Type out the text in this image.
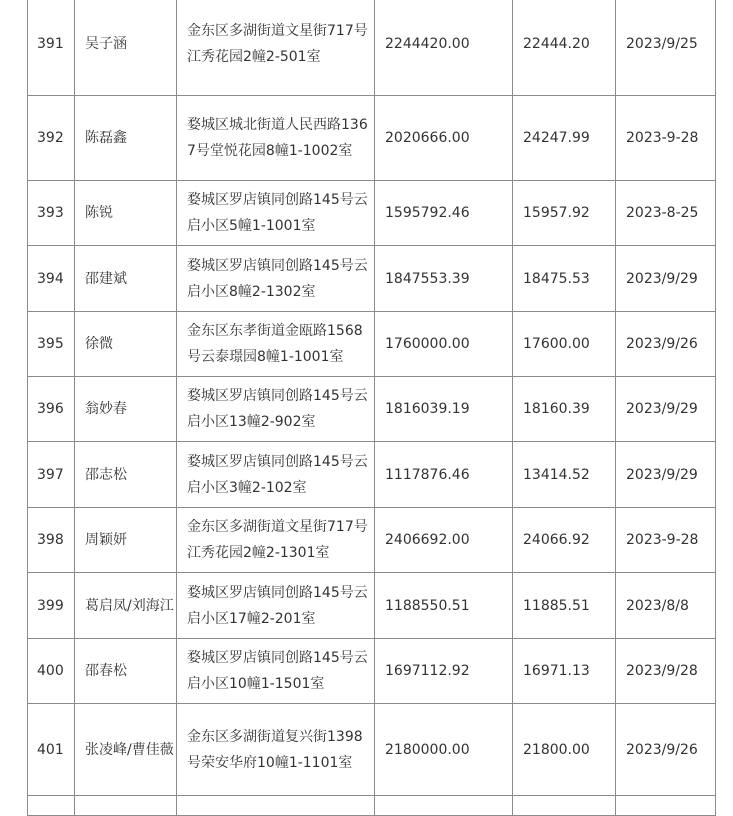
391	吴子涵	金东区多湖街道文星街717号江秀花园2幢2-501室	2244420.00	22444.20	2023/9/25
392	陈磊鑫	婺城区城北街道人民西路1367号堂悦花园8幢1-1002室	2020666.00	24247.99	2023-9-28
393	陈锐	婺城区罗店镇同创路145号云启小区5幢1-1001室	1595792.46	15957.92	2023-8-25
394	邵建斌	婺城区罗店镇同创路145号云启小区8幢2-1302室	1847553.39	18475.53	2023/9/29
395	徐微	金东区东孝街道金瓯路1568号云泰璟园8幢1-1001室	1760000.00	17600.00	2023/9/26
396	翁妙春	婺城区罗店镇同创路145号云启小区13幢2-902室	1816039.19	18160.39	2023/9/29
397	邵志松	婺城区罗店镇同创路145号云启小区3幢2-102室	1117876.46	13414.52	2023/9/29
398	周颖妍	金东区多湖街道文星街717号江秀花园2幢2-1301室	2406692.00	24066.92	2023-9-28
399	葛启凤/刘海江	婺城区罗店镇同创路145号云启小区17幢2-201室	1188550.51	11885.51	2023/8/8
400	邵春松	婺城区罗店镇同创路145号云启小区10幢1-1501室	1697112.92	16971.13	2023/9/28
401	张凌峰/曹佳薇	金东区多湖街道复兴街1398号荣安华府10幢1-1101室	2180000.00	21800.00	2023/9/26
